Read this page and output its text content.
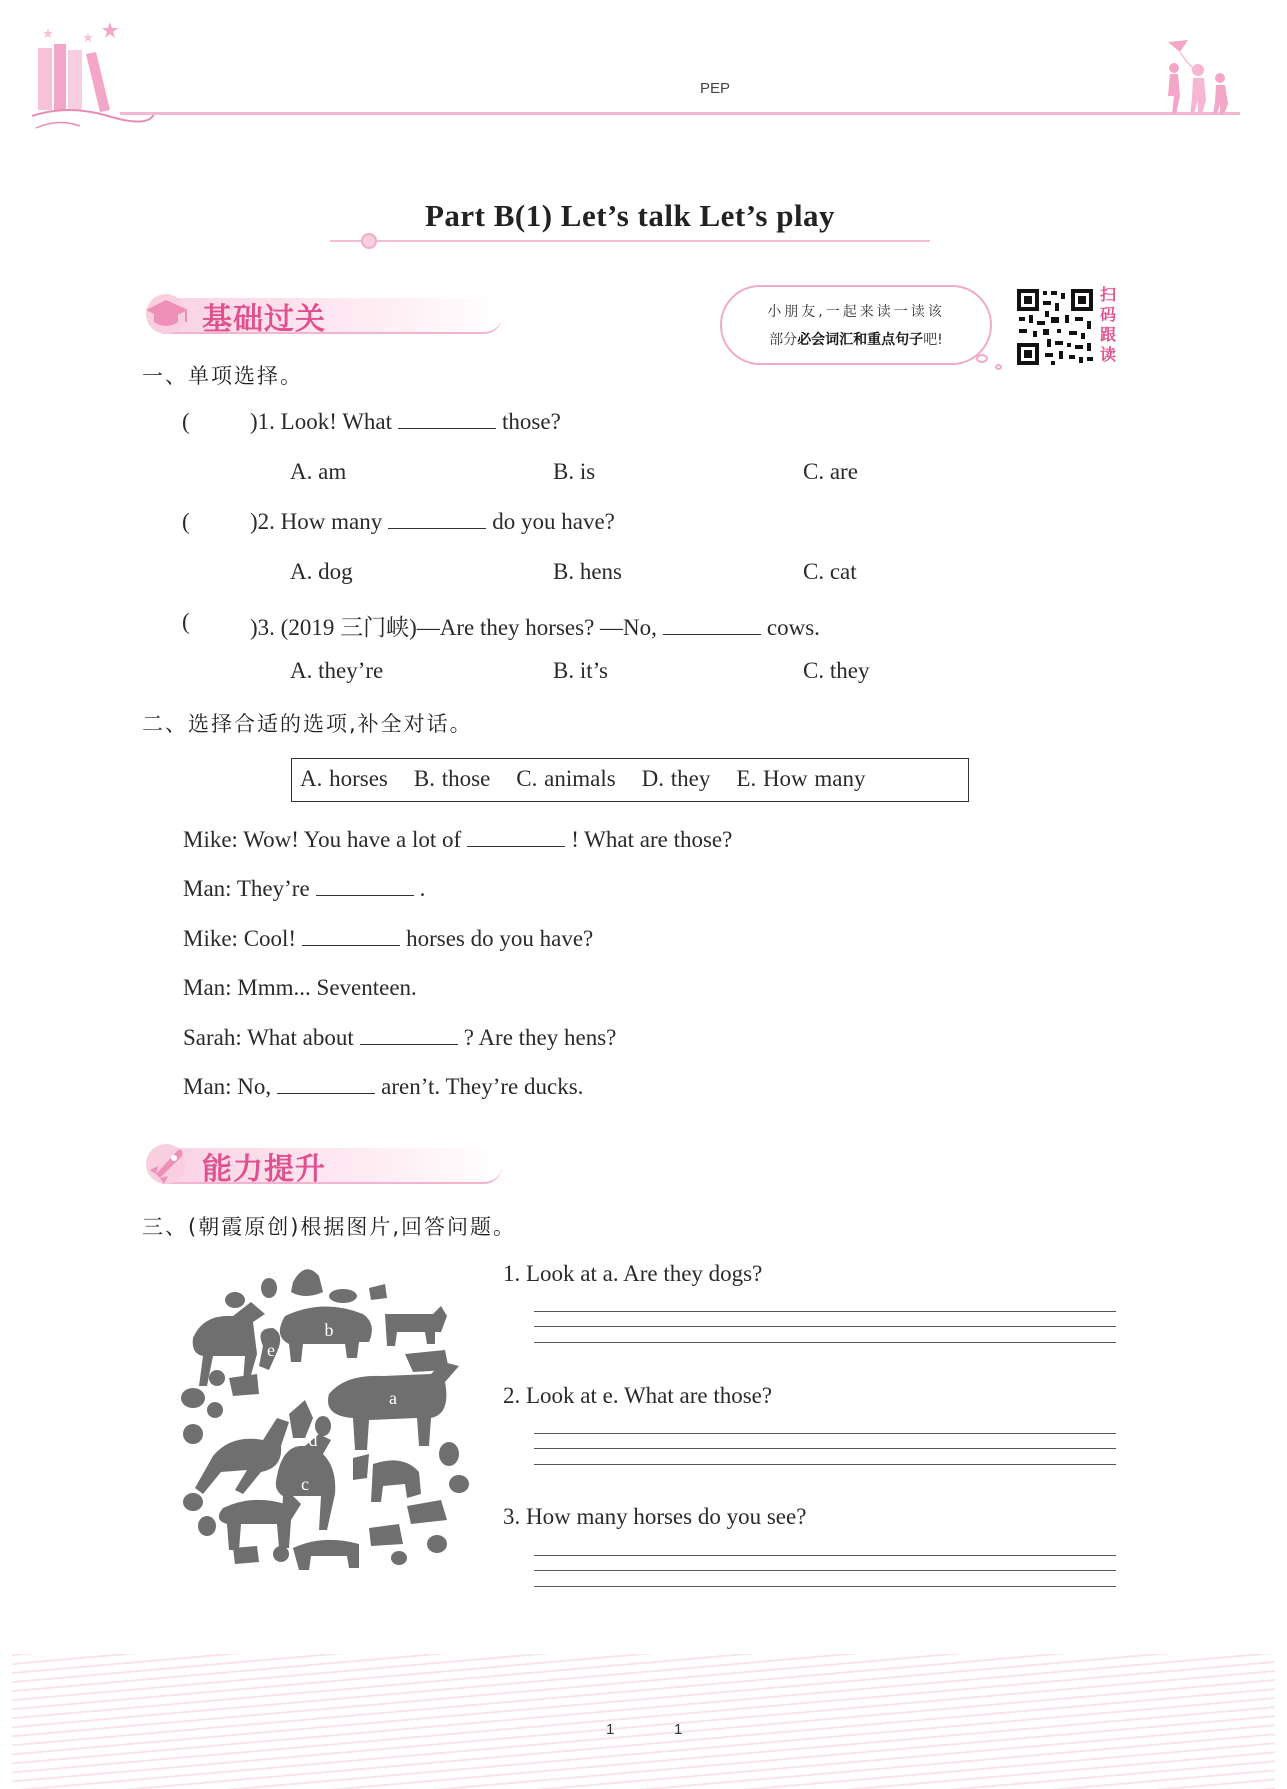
PEP
Part B(1) Let’s talk Let’s play
基础过关	小朋友,一起来读一读该
部分必会词汇和重点句子吧!
扫
码
跟
读
一、单项选择。
(	)1. Look! What	those?
A. am	B. is	C. are
(	)2. How many	do you have?
A. dog	B. hens	C. cat
(	)3. (2019 三门峡)—Are they horses? —No,	cows.
A. they’re	B. it’s	C. they
二、选择合适的选项,补全对话。
A. horses B. those C. animals D. they E. How many
Mike: Wow! You have a lot of	! What are those?
Man: They’re	.
Mike: Cool!	horses do you have?
Man: Mmm... Seventeen.
Sarah: What about	? Are they hens?
Man: No,	aren’t. They’re ducks.
能力提升
三、(朝霞原创)根据图片,回答问题。
a
b
c
d
e
1. Look at a. Are they dogs?
2. Look at e. What are those?
3. How many horses do you see?
1	1
